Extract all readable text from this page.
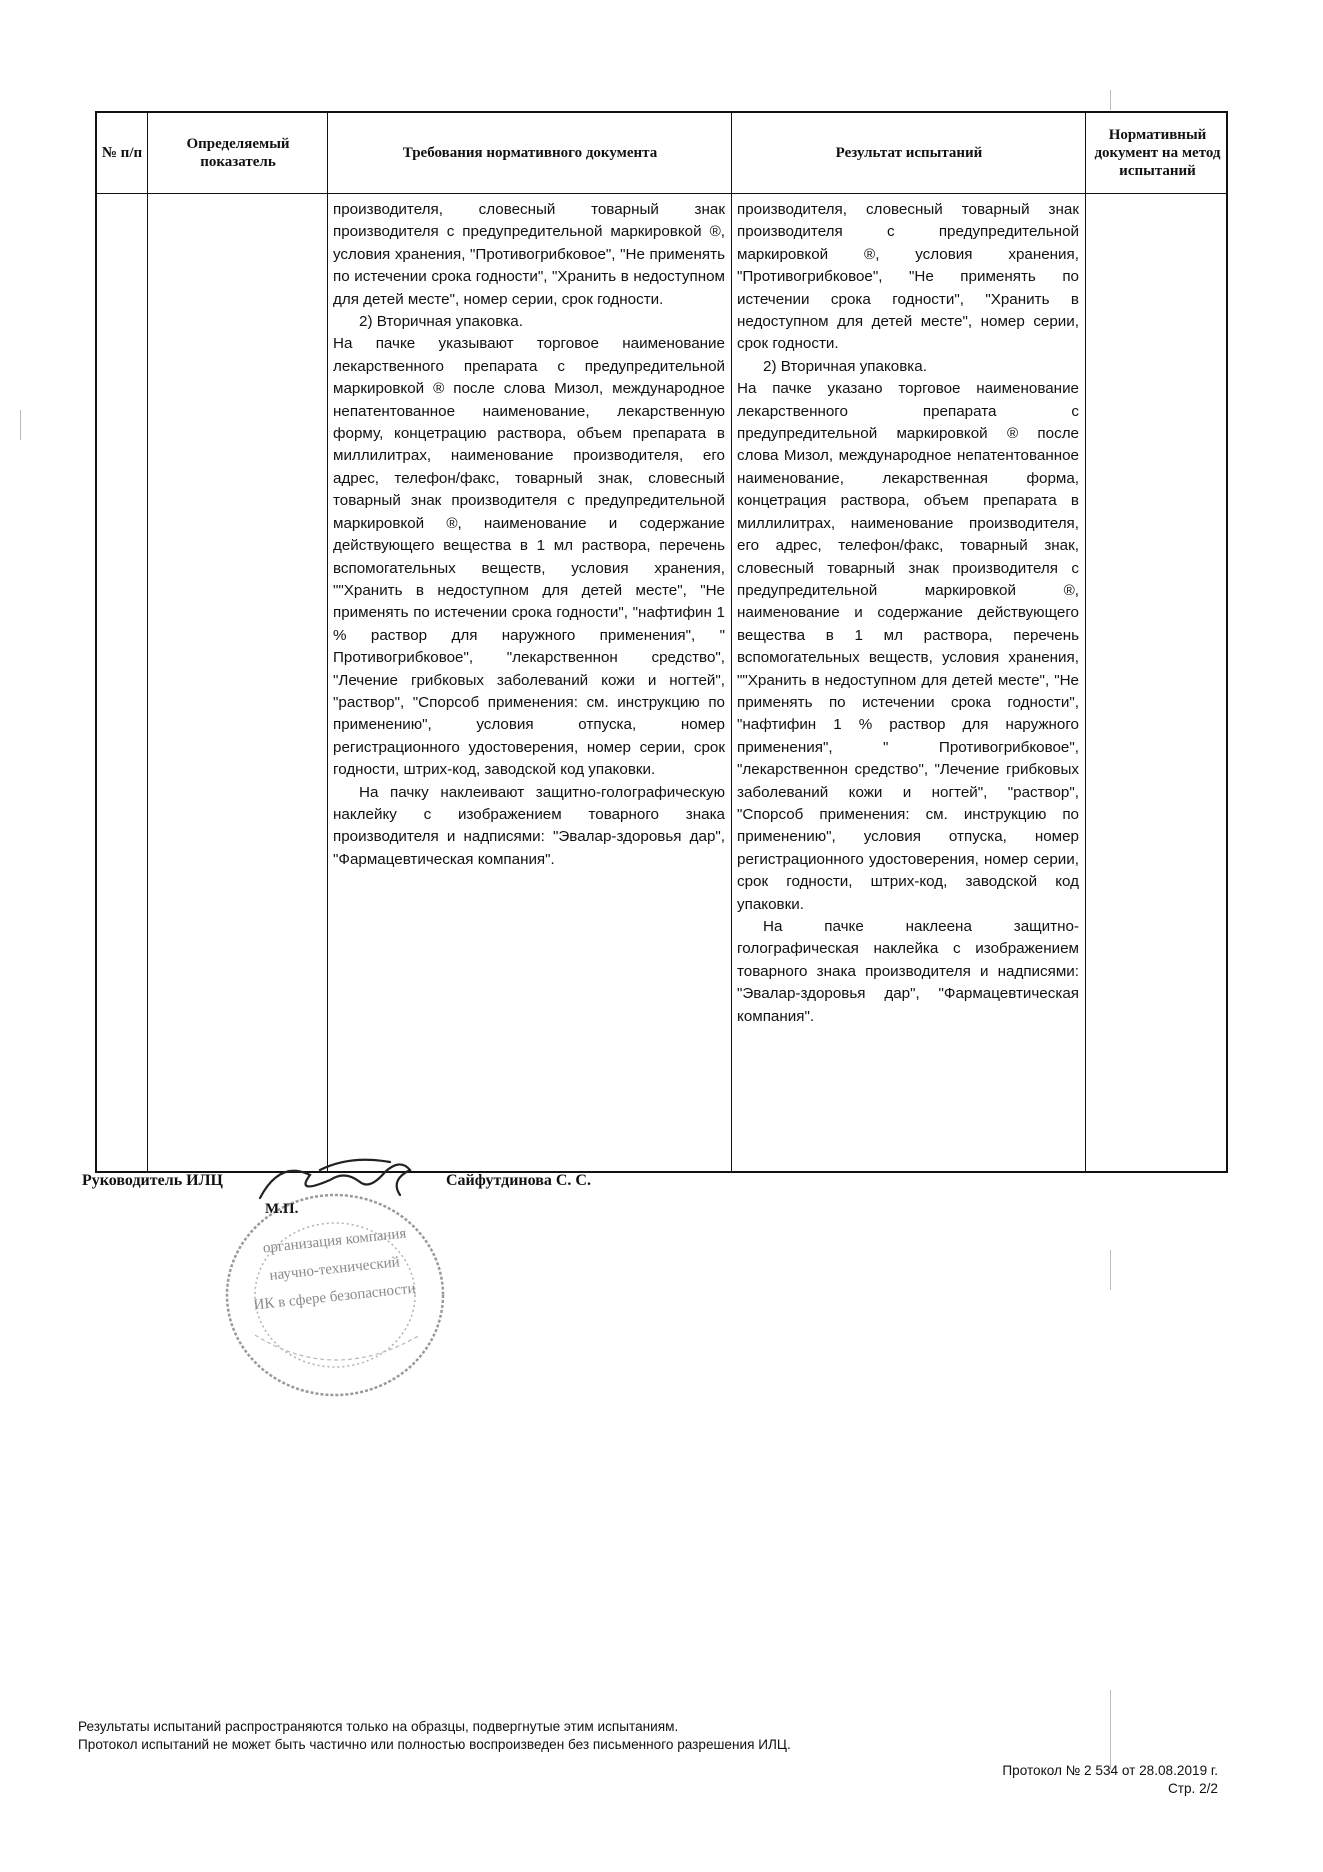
№ п/п
Определяемый показатель
Требования нормативного документа	Результат испытаний
Нормативный документ на метод испытаний

производителя, словесный товарный знак производителя с предупредительной маркировкой ®, условия хранения, "Противогрибковое", "Не применять по истечении срока годности", "Хранить в недоступном для детей месте", номер серии, срок годности.

2) Вторичная упаковка.

На пачке указывают торговое наименование лекарственного препарата с предупредительной маркировкой ® после слова Мизол, международное непатентованное наименование, лекарственную форму, концетрацию раствора, объем препарата в миллилитрах, наименование производителя, его адрес, телефон/факс, товарный знак, словесный товарный знак производителя с предупредительной маркировкой ®, наименование и содержание действующего вещества в 1 мл раствора, перечень вспомогательных веществ, условия хранения, ""Хранить в недоступном для детей месте", "Не применять по истечении срока годности", "нафтифин 1 % раствор для наружного применения", " Противогрибковое", "лекарственнон средство", "Лечение грибковых заболеваний кожи и ногтей", "раствор", "Спорсоб применения: см. инструкцию по применению", условия отпуска, номер регистрационного удостоверения, номер серии, срок годности, штрих-код, заводской код упаковки.

На пачку наклеивают защитно-голографическую наклейку с изображением товарного знака производителя и надписями: "Эвалар-здоровья дар", "Фармацевтическая компания".

производителя, словесный товарный знак производителя с предупредительной маркировкой ®, условия хранения, "Противогрибковое", "Не применять по истечении срока годности", "Хранить в недоступном для детей месте", номер серии, срок годности.

2) Вторичная упаковка.

На пачке указано торговое наименование лекарственного препарата с предупредительной маркировкой ® после слова Мизол, международное непатентованное наименование, лекарственная форма, концетрация раствора, объем препарата в миллилитрах, наименование производителя, его адрес, телефон/факс, товарный знак, словесный товарный знак производителя с предупредительной маркировкой ®, наименование и содержание действующего вещества в 1 мл раствора, перечень вспомогательных веществ, условия хранения, ""Хранить в недоступном для детей месте", "Не применять по истечении срока годности", "нафтифин 1 % раствор для наружного применения", " Противогрибковое", "лекарственнон средство", "Лечение грибковых заболеваний кожи и ногтей", "раствор", "Спорсоб применения: см. инструкцию по применению", условия отпуска, номер регистрационного удостоверения, номер серии, срок годности, штрих-код, заводской код упаковки.

На пачке наклеена защитно-голографическая наклейка с изображением товарного знака производителя и надписями: "Эвалар-здоровья дар", "Фармацевтическая компания".

организация компания
научно-технический
ИК в сфере безопасности
Руководитель ИЛЦ	Сайфутдинова С. С.
М.П.
Результаты испытаний распространяются только на образцы, подвергнутые этим испытаниям.
Протокол испытаний не может быть частично или полностью воспроизведен без письменного разрешения ИЛЦ.
Протокол № 2 534 от 28.08.2019 г.
Стр. 2/2
